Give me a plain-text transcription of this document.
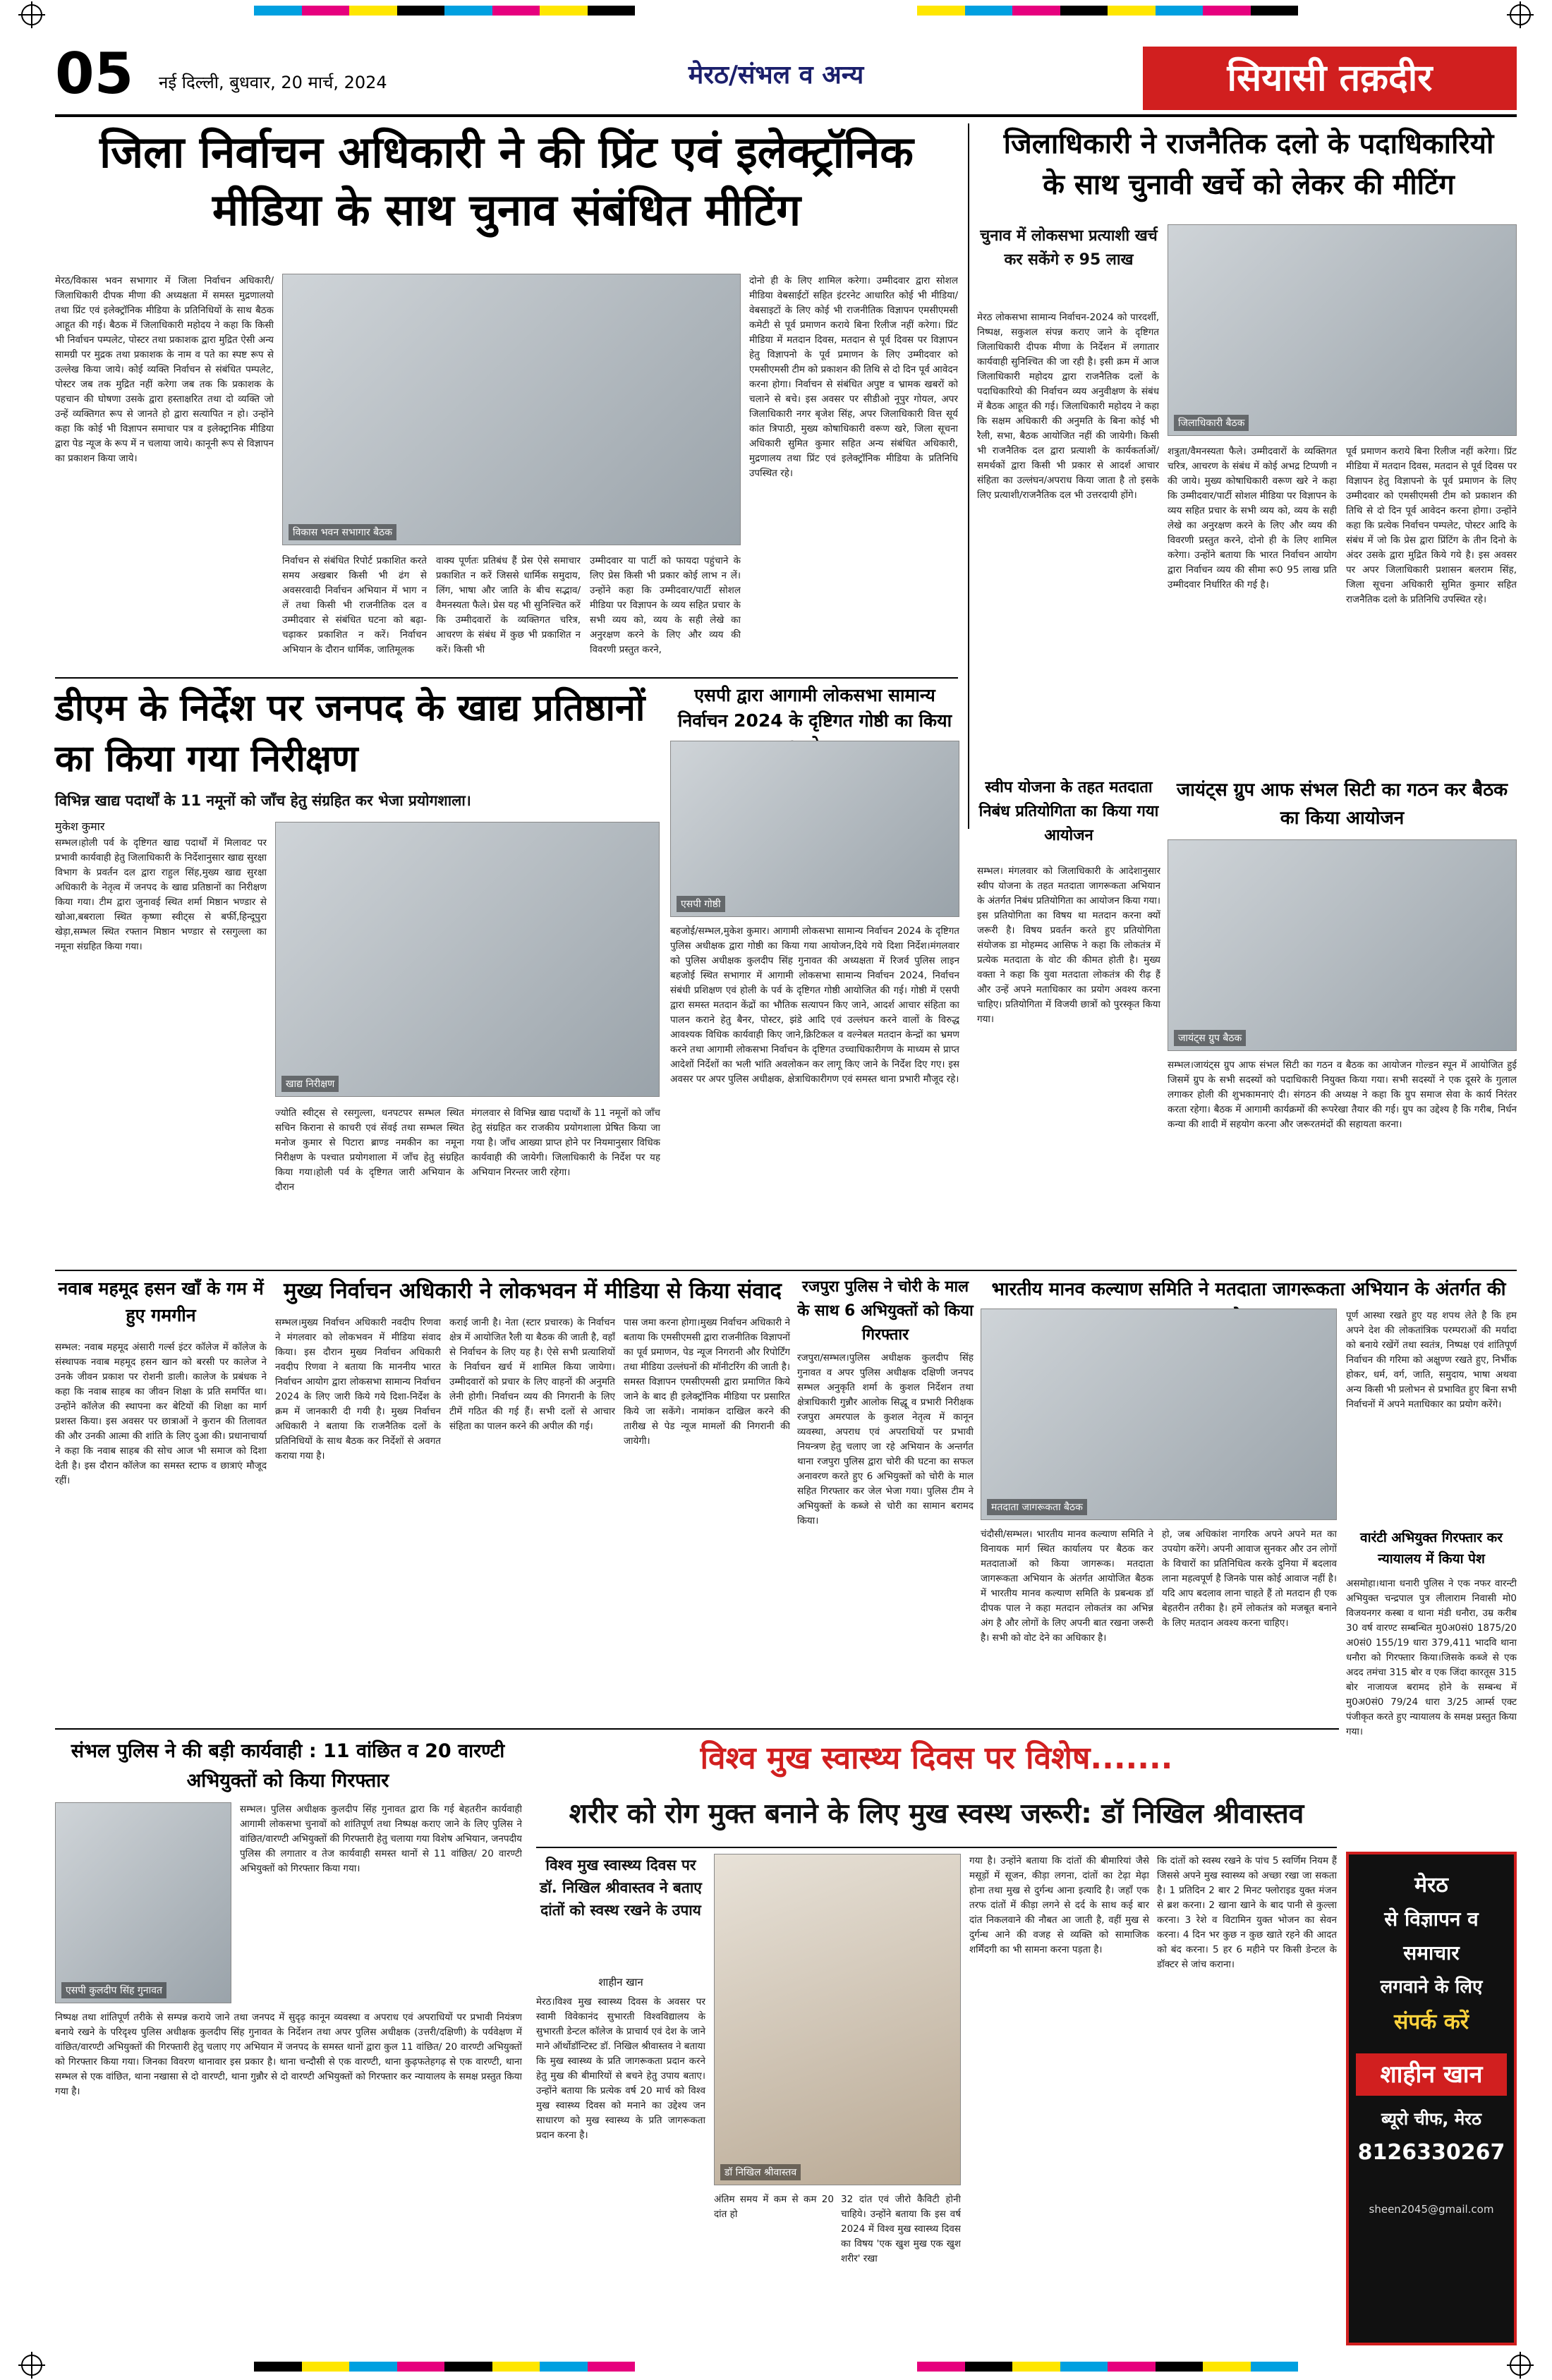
05 नई दिल्ली, बुधवार, 20 मार्च, 2024	मेरठ/संभल व अन्य	सियासी तक़दीर
जिला निर्वाचन अधिकारी ने की प्रिंट एवं इलेक्ट्रॉनिक
मीडिया के साथ चुनाव संबंधित मीटिंग
मेरठ/विकास भवन सभागार में जिला निर्वाचन अधिकारी/जिलाधिकारी दीपक मीणा की अध्यक्षता में समस्त मुद्रणालयो तथा प्रिंट एवं इलेक्ट्रॉनिक मीडिया के प्रतिनिधियों के साथ बैठक आहूत की गई। बैठक में जिलाधिकारी महोदय ने कहा कि किसी भी निर्वाचन पम्पलेट, पोस्टर तथा प्रकाशक द्वारा मुद्रित ऐसी अन्य सामग्री पर मुद्रक तथा प्रकाशक के नाम व पते का स्पष्ट रूप से उल्लेख किया जाये। कोई व्यक्ति निर्वाचन से संबंधित पम्पलेट, पोस्टर जब तक मुद्रित नहीं करेगा जब तक कि प्रकाशक के पहचान की घोषणा उसके द्वारा हस्ताक्षरित तथा दो व्यक्ति जो उन्हें व्यक्तिगत रूप से जानते हो द्वारा सत्यापित न हो। उन्होंने कहा कि कोई भी विज्ञापन समाचार पत्र व इलेक्ट्रानिक मीडिया द्वारा पेड न्यूज के रूप में न चलाया जाये। कानूनी रूप से विज्ञापन का प्रकाशन किया जाये।
विकास भवन सभागार बैठक
निर्वाचन से संबंधित रिपोर्ट प्रकाशित करते समय अखबार किसी भी ढंग से अवसरवादी निर्वाचन अभियान में भाग न लें तथा किसी भी राजनीतिक दल व उम्मीदवार से संबंधित घटना को बढ़ा-चढ़ाकर प्रकाशित न करें। निर्वाचन अभियान के दौरान धार्मिक, जातिमूलक
वाक्य पूर्णतः प्रतिबंध हैं प्रेस ऐसे समाचार प्रकाशित न करें जिससे धार्मिक समुदाय, लिंग, भाषा और जाति के बीच सद्भाव/वैमनस्यता फैले। प्रेस यह भी सुनिश्चित करें कि उम्मीदवारों के व्यक्तिगत चरित्र, आचरण के संबंध में कुछ भी प्रकाशित न करें। किसी भी
उम्मीदवार या पार्टी को फायदा पहुंचाने के लिए प्रेस किसी भी प्रकार कोई लाभ न लें। उन्होंने कहा कि उम्मीदवार/पार्टी सोशल मीडिया पर विज्ञापन के व्यय सहित प्रचार के सभी व्यय को, व्यय के सही लेखे का अनुरक्षण करने के लिए और व्यय की विवरणी प्रस्तुत करने,
दोनो ही के लिए शामिल करेगा। उम्मीदवार द्वारा सोशल मीडिया वेबसाईटों सहित इंटरनेट आधारित कोई भी मीडिया/वेबसाइटों के लिए कोई भी राजनीतिक विज्ञापन एमसीएमसी कमेटी से पूर्व प्रमाणन कराये बिना रिलीज नहीं करेगा। प्रिंट मीडिया में मतदान दिवस, मतदान से पूर्व दिवस पर विज्ञापन हेतु विज्ञापनो के पूर्व प्रमाणन के लिए उम्मीदवार को एमसीएमसी टीम को प्रकाशन की तिथि से दो दिन पूर्व आवेदन करना होगा। निर्वाचन से संबंधित अपुष्ट व भ्रामक खबरों को चलाने से बचे। इस अवसर पर सीडीओ नूपुर गोयल, अपर जिलाधिकारी नगर बृजेश सिंह, अपर जिलाधिकारी वित्त सूर्य कांत त्रिपाठी, मुख्य कोषाधिकारी वरूण खरे, जिला सूचना अधिकारी सुमित कुमार सहित अन्य संबंधित अधिकारी, मुद्रणालय तथा प्रिंट एवं इलेक्ट्रॉनिक मीडिया के प्रतिनिधि उपस्थित रहे।
जिलाधिकारी ने राजनैतिक दलो के पदाधिकारियो
के साथ चुनावी खर्चे को लेकर की मीटिंग
चुनाव में लोकसभा प्रत्याशी खर्च कर सकेंगे रु 95 लाख
मेरठ लोकसभा सामान्य निर्वाचन-2024 को पारदर्शी, निष्पक्ष, सकुशल संपन्न कराए जाने के दृष्टिगत जिलाधिकारी दीपक मीणा के निर्देशन में लगातार कार्यवाही सुनिश्चित की जा रही है। इसी क्रम में आज जिलाधिकारी महोदय द्वारा राजनैतिक दलों के पदाधिकारियो की निर्वाचन व्यय अनुवीक्षण के संबंध में बैठक आहूत की गई। जिलाधिकारी महोदय ने कहा कि सक्षम अधिकारी की अनुमति के बिना कोई भी रैली, सभा, बैठक आयोजित नहीं की जायेगी। किसी भी राजनैतिक दल द्वारा प्रत्याशी के कार्यकर्ताओं/समर्थकों द्वारा किसी भी प्रकार से आदर्श आचार संहिता का उल्लंघन/अपराध किया जाता है तो इसके लिए प्रत्याशी/राजनैतिक दल भी उत्तरदायी होंगे।
जिलाधिकारी बैठक
शत्रुता/वैमनस्यता फैले। उम्मीदवारों के व्यक्तिगत चरित्र, आचरण के संबंध में कोई अभद्र टिप्पणी न की जाये। मुख्य कोषाधिकारी वरूण खरे ने कहा कि उम्मीदवार/पार्टी सोशल मीडिया पर विज्ञापन के व्यय सहित प्रचार के सभी व्यय को, व्यय के सही लेखे का अनुरक्षण करने के लिए और व्यय की विवरणी प्रस्तुत करने, दोनो ही के लिए शामिल करेगा। उन्होंने बताया कि भारत निर्वाचन आयोग द्वारा निर्वाचन व्यय की सीमा रू0 95 लाख प्रति उम्मीदवार निर्धारित की गई है।
पूर्व प्रमाणन कराये बिना रिलीज नहीं करेगा। प्रिंट मीडिया में मतदान दिवस, मतदान से पूर्व दिवस पर विज्ञापन हेतु विज्ञापनो के पूर्व प्रमाणन के लिए उम्मीदवार को एमसीएमसी टीम को प्रकाशन की तिथि से दो दिन पूर्व आवेदन करना होगा। उन्होंने कहा कि प्रत्येक निर्वाचन पम्पलेट, पोस्टर आदि के संबंध में जो कि प्रेस द्वारा प्रिंटिंग के तीन दिनो के अंदर उसके द्वारा मुद्रित किये गये है। इस अवसर पर अपर जिलाधिकारी प्रशासन बलराम सिंह, जिला सूचना अधिकारी सुमित कुमार सहित राजनैतिक दलो के प्रतिनिधि उपस्थित रहे।
डीएम के निर्देश पर जनपद के खाद्य प्रतिष्ठानों का किया गया निरीक्षण
विभिन्न खाद्य पदार्थों के 11 नमूनों को जाँच हेतु संग्रहित कर भेजा प्रयोगशाला।
मुकेश कुमार
सम्भल।होली पर्व के दृष्टिगत खाद्य पदार्थों में मिलावट पर प्रभावी कार्यवाही हेतु जिलाधिकारी के निर्देशानुसार खाद्य सुरक्षा विभाग के प्रवर्तन दल द्वारा राहुल सिंह,मुख्य खाद्य सुरक्षा अधिकारी के नेतृत्व में जनपद के खाद्य प्रतिष्ठानों का निरीक्षण किया गया। टीम द्वारा जुनावई स्थित शर्मा मिष्ठान भण्डार से खोआ,बबराला स्थित कृष्णा स्वीट्स से बर्फी,हिन्दूपुरा खेड़ा,सम्भल स्थित रफ्तान मिष्ठान भण्डार से रसगुल्ला का नमूना संग्रहित किया गया।
खाद्य निरीक्षण
ज्योति स्वीट्स से रसगुल्ला, धनपटपर सम्भल स्थित सचिन किराना से काचरी एवं सेंवई तथा सम्भल स्थित मनोज कुमार से पिटारा ब्राण्ड नमकीन का नमूना निरीक्षण के पश्चात प्रयोगशाला में जाँच हेतु संग्रहित किया गया।होली पर्व के दृष्टिगत जारी अभियान के दौरान
मंगलवार से विभिन्न खाद्य पदार्थों के 11 नमूनों को जाँच हेतु संग्रहित कर राजकीय प्रयोगशाला प्रेषित किया जा गया है। जाँच आख्या प्राप्त होने पर नियमानुसार विधिक कार्यवाही की जायेगी। जिलाधिकारी के निर्देश पर यह अभियान निरन्तर जारी रहेगा।
एसपी द्वारा आगामी लोकसभा सामान्य निर्वाचन 2024 के दृष्टिगत गोष्ठी का किया
एसपी गोष्ठी
बहजोई/सम्भल,मुकेश कुमार। आगामी लोकसभा सामान्य निर्वाचन 2024 के दृष्टिगत पुलिस अधीक्षक द्वारा गोष्ठी का किया गया आयोजन,दिये गये दिशा निर्देश।मंगलवार को पुलिस अधीक्षक कुलदीप सिंह गुनावत की अध्यक्षता में रिजर्व पुलिस लाइन बहजोई स्थित सभागार में आगामी लोकसभा सामान्य निर्वाचन 2024, निर्वाचन संबंधी प्रशिक्षण एवं होली के पर्व के दृष्टिगत गोष्ठी आयोजित की गई। गोष्ठी में एसपी द्वारा समस्त मतदान केंद्रों का भौतिक सत्यापन किए जाने, आदर्श आचार संहिता का पालन कराने हेतु बैनर, पोस्टर, झंडे आदि एवं उल्लंघन करने वालों के विरुद्ध आवश्यक विधिक कार्यवाही किए जाने,क्रिटिकल व वल्नेबल मतदान केन्द्रों का भ्रमण करने तथा आगामी लोकसभा निर्वाचन के दृष्टिगत उच्चाधिकारीगण के माध्यम से प्राप्त आदेशों निर्देशों का भली भांति अवलोकन कर लागू किए जाने के निर्देश दिए गए। इस अवसर पर अपर पुलिस अधीक्षक, क्षेत्राधिकारीगण एवं समस्त थाना प्रभारी मौजूद रहे।
स्वीप योजना के तहत मतदाता निबंध प्रतियोगिता का किया गया आयोजन
सम्भल। मंगलवार को जिलाधिकारी के आदेशानुसार स्वीप योजना के तहत मतदाता जागरूकता अभियान के अंतर्गत निबंध प्रतियोगिता का आयोजन किया गया। इस प्रतियोगिता का विषय था मतदान करना क्यों जरूरी है। विषय प्रवर्तन करते हुए प्रतियोगिता संयोजक डा मोहम्मद आसिफ ने कहा कि लोकतंत्र में प्रत्येक मतदाता के वोट की कीमत होती है। मुख्य वक्ता ने कहा कि युवा मतदाता लोकतंत्र की रीढ़ हैं और उन्हें अपने मताधिकार का प्रयोग अवश्य करना चाहिए। प्रतियोगिता में विजयी छात्रों को पुरस्कृत किया गया।
जायंट्स ग्रुप आफ संभल सिटी का गठन कर बैठक का किया आयोजन
जायंट्स ग्रुप बैठक
सम्भल।जायंट्स ग्रुप आफ संभल सिटी का गठन व बैठक का आयोजन गोल्डन स्पून में आयोजित हुई जिसमें ग्रुप के सभी सदस्यों को पदाधिकारी नियुक्त किया गया। सभी सदस्यों ने एक दूसरे के गुलाल लगाकर होली की शुभकामनाएं दी। संगठन की अध्यक्ष ने कहा कि ग्रुप समाज सेवा के कार्य निरंतर करता रहेगा। बैठक में आगामी कार्यक्रमों की रूपरेखा तैयार की गई। ग्रुप का उद्देश्य है कि गरीब, निर्धन कन्या की शादी में सहयोग करना और जरूरतमंदों की सहायता करना।
नवाब महमूद हसन खाँ के गम में हुए गमगीन
सम्भल: नवाब महमूद अंसारी गर्ल्स इंटर कॉलेज में कॉलेज के संस्थापक नवाब महमूद हसन खान को बरसी पर कालेज ने उनके जीवन प्रकाश पर रोशनी डाली। कालेज के प्रबंधक ने कहा कि नवाब साहब का जीवन शिक्षा के प्रति समर्पित था। उन्होंने कॉलेज की स्थापना कर बेटियों की शिक्षा का मार्ग प्रशस्त किया। इस अवसर पर छात्राओं ने कुरान की तिलावत की और उनकी आत्मा की शांति के लिए दुआ की। प्रधानाचार्या ने कहा कि नवाब साहब की सोच आज भी समाज को दिशा देती है। इस दौरान कॉलेज का समस्त स्टाफ व छात्राएं मौजूद रहीं।
मुख्य निर्वाचन अधिकारी ने लोकभवन में मीडिया से किया संवाद
सम्भल।मुख्य निर्वाचन अधिकारी नवदीप रिणवा ने मंगलवार को लोकभवन में मीडिया संवाद किया। इस दौरान मुख्य निर्वाचन अधिकारी नवदीप रिणवा ने बताया कि माननीय भारत निर्वाचन आयोग द्वारा लोकसभा सामान्य निर्वाचन 2024 के लिए जारी किये गये दिशा-निर्देश के क्रम में जानकारी दी गयी है। मुख्य निर्वाचन अधिकारी ने बताया कि राजनैतिक दलों के प्रतिनिधियों के साथ बैठक कर निर्देशों से अवगत कराया गया है।
कराई जानी है। नेता (स्टार प्रचारक) के निर्वाचन क्षेत्र में आयोजित रैली या बैठक की जाती है, वहाँ से निर्वाचन के लिए यह है। ऐसे सभी प्रत्याशियों के निर्वाचन खर्च में शामिल किया जायेगा। उम्मीदवारों को प्रचार के लिए वाहनों की अनुमति लेनी होगी। निर्वाचन व्यय की निगरानी के लिए टीमें गठित की गई हैं। सभी दलों से आचार संहिता का पालन करने की अपील की गई।
पास जमा करना होगा।मुख्य निर्वाचन अधिकारी ने बताया कि एमसीएमसी द्वारा राजनीतिक विज्ञापनों का पूर्व प्रमाणन, पेड न्यूज निगरानी और रिपोर्टिंग तथा मीडिया उल्लंघनों की मॉनीटरिंग की जाती है। समस्त विज्ञापन एमसीएमसी द्वारा प्रमाणित किये जाने के बाद ही इलेक्ट्रॉनिक मीडिया पर प्रसारित किये जा सकेंगे। नामांकन दाखिल करने की तारीख से पेड न्यूज मामलों की निगरानी की जायेगी।
रजपुरा पुलिस ने चोरी के माल के साथ 6 अभियुक्तों को किया गिरफ्तार
रजपुरा/सम्भल।पुलिस अधीक्षक कुलदीप सिंह गुनावत व अपर पुलिस अधीक्षक दक्षिणी जनपद सम्भल अनुकृति शर्मा के कुशल निर्देशन तथा क्षेत्राधिकारी गुन्नौर आलोक सिद्धू व प्रभारी निरीक्षक रजपुरा अमरपाल के कुशल नेतृत्व में कानून व्यवस्था, अपराध एवं अपराधियों पर प्रभावी नियन्त्रण हेतु चलाए जा रहे अभियान के अन्तर्गत थाना रजपुरा पुलिस द्वारा चोरी की घटना का सफल अनावरण करते हुए 6 अभियुक्तों को चोरी के माल सहित गिरफ्तार कर जेल भेजा गया। पुलिस टीम ने अभियुक्तों के कब्जे से चोरी का सामान बरामद किया।
भारतीय मानव कल्याण समिति ने मतदाता जागरूकता अभियान के अंतर्गत की
मतदाता जागरूकता बैठक
चंदौसी/सम्भल। भारतीय मानव कल्याण समिति ने विनायक मार्ग स्थित कार्यालय पर बैठक कर मतदाताओं को किया जागरूक। मतदाता जागरूकता अभियान के अंतर्गत आयोजित बैठक में भारतीय मानव कल्याण समिति के प्रबन्धक डॉ दीपक पाल ने कहा मतदान लोकतंत्र का अभिन्न अंग है और लोगों के लिए अपनी बात रखना जरूरी है। सभी को वोट देने का अधिकार है।
हो, जब अधिकांश नागरिक अपने अपने मत का उपयोग करेंगे। अपनी आवाज सुनकर और उन लोगों के विचारों का प्रतिनिधित्व करके दुनिया में बदलाव लाना महत्वपूर्ण है जिनके पास कोई आवाज नहीं है। यदि आप बदलाव लाना चाहते हैं तो मतदान ही एक बेहतरीन तरीका है। हमें लोकतंत्र को मजबूत बनाने के लिए मतदान अवश्य करना चाहिए।
पूर्ण आस्था रखते हुए यह शपथ लेते है कि हम अपने देश की लोकतांत्रिक परम्पराओं की मर्यादा को बनाये रखेंगें तथा स्वतंत्र, निष्पक्ष एवं शांतिपूर्ण निर्वाचन की गरिमा को अक्षुण्ण रखते हुए, निर्भीक होकर, धर्म, वर्ग, जाति, समुदाय, भाषा अथवा अन्य किसी भी प्रलोभन से प्रभावित हुए बिना सभी निर्वाचनों में अपने मताधिकार का प्रयोग करेंगे।
वारंटी अभियुक्त गिरफ्तार कर न्यायालय में किया पेश
असमोहा।थाना धनारी पुलिस ने एक नफर वारन्टी अभियुक्त चन्द्रपाल पुत्र लीलाराम निवासी मो0 विजयनगर कस्बा व थाना मंडी धनौरा, उम्र करीब 30 वर्ष वारण्ट सम्बन्धित मु0अ0सं0 1875/20 अ0सं0 155/19 धारा 379,411 भादवि थाना धनौरा को गिरफ्तार किया।जिसके कब्जे से एक अदद तमंचा 315 बोर व एक जिंदा कारतूस 315 बोर नाजायज बरामद होने के सम्बन्ध में मु0अ0सं0 79/24 धारा 3/25 आर्म्स एक्ट पंजीकृत करते हुए न्यायालय के समक्ष प्रस्तुत किया गया।
विश्व मुख स्वास्थ्य दिवस पर विशेष.......
संभल पुलिस ने की बड़ी कार्यवाही : 11 वांछित व 20 वारण्टी अभियुक्तों को किया गिरफ्तार
एसपी कुलदीप सिंह गुनावत
सम्भल। पुलिस अधीक्षक कुलदीप सिंह गुनावत द्वारा कि गई बेहतरीन कार्यवाही आगामी लोकसभा चुनावों को शांतिपूर्ण तथा निष्पक्ष कराए जाने के लिए पुलिस ने वांछित/वारण्टी अभियुक्तों की गिरफ्तारी हेतु चलाया गया विशेष अभियान, जनपदीय पुलिस की लगातार व तेज कार्यवाही समस्त थानों से 11 वांछित/ 20 वारण्टी अभियुक्तों को गिरफ्तार किया गया।
निष्पक्ष तथा शांतिपूर्ण तरीके से सम्पन्न कराये जाने तथा जनपद में सुदृढ़ कानून व्यवस्था व अपराध एवं अपराधियों पर प्रभावी नियंत्रण बनाये रखने के परिदृश्य पुलिस अधीक्षक कुलदीप सिंह गुनावत के निर्देशन तथा अपर पुलिस अधीक्षक (उत्तरी/दक्षिणी) के पर्यवेक्षण में वांछित/वारण्टी अभियुक्तों की गिरफ्तारी हेतु चलाए गए अभियान में जनपद के समस्त थानों द्वारा कुल 11 वांछित/ 20 वारण्टी अभियुक्तों को गिरफ्तार किया गया। जिनका विवरण थानावार इस प्रकार है। थाना चन्दौसी से एक वारण्टी, थाना कुढ़फतेहगढ़ से एक वारण्टी, थाना सम्भल से एक वांछित, थाना नखासा से दो वारण्टी, थाना गुन्नौर से दो वारण्टी अभियुक्तों को गिरफ्तार कर न्यायालय के समक्ष प्रस्तुत किया गया है।
शरीर को रोग मुक्त बनाने के लिए मुख स्वस्थ जरूरी: डॉ निखिल श्रीवास्तव
विश्व मुख स्वास्थ्य दिवस पर डॉ. निखिल श्रीवास्तव ने बताए दांतों को स्वस्थ रखने के उपाय
शाहीन खान
मेरठ।विश्व मुख स्वास्थ्य दिवस के अवसर पर स्वामी विवेकानंद सुभारती विश्वविद्यालय के सुभारती डेन्टल कॉलेज के प्राचार्य एवं देश के जाने माने ऑर्थोडॉन्टिस्ट डॉ. निखिल श्रीवास्तव ने बताया कि मुख स्वास्थ्य के प्रति जागरूकता प्रदान करने हेतु मुख की बीमारियों से बचने हेतु उपाय बताए। उन्होंने बताया कि प्रत्येक वर्ष 20 मार्च को विश्व मुख स्वास्थ्य दिवस को मनाने का उद्देश्य जन साधारण को मुख स्वास्थ्य के प्रति जागरूकता प्रदान करना है।
डॉ निखिल श्रीवास्तव
अंतिम समय में कम से कम 20 दांत हो
32 दांत एवं जीरो कैविटी होनी चाहिये। उन्होंने बताया कि इस वर्ष 2024 में विश्व मुख स्वास्थ्य दिवस का विषय 'एक खुश मुख एक खुश शरीर' रखा
गया है। उन्होंने बताया कि दांतों की बीमारियां जैसे मसूड़ों में सूजन, कीड़ा लगना, दांतों का टेढ़ा मेढ़ा होना तथा मुख से दुर्गन्ध आना इत्यादि है। जहाँ एक तरफ दांतों में कीड़ा लगने से दर्द के साथ कई बार दांत निकलवाने की नौबत आ जाती है, वहीं मुख से दुर्गन्ध आने की वजह से व्यक्ति को सामाजिक शर्मिंदगी का भी सामना करना पड़ता है।
कि दांतों को स्वस्थ रखने के पांच 5 स्वर्णिम नियम हैं जिससे अपने मुख स्वास्थ्य को अच्छा रखा जा सकता है। 1 प्रतिदिन 2 बार 2 मिनट फ्लोराइड युक्त मंजन से ब्रश करना। 2 खाना खाने के बाद पानी से कुल्ला करना। 3 रेशे व विटामिन युक्त भोजन का सेवन करना। 4 दिन भर कुछ न कुछ खाते रहने की आदत को बंद करना। 5 हर 6 महीने पर किसी डेन्टल के डॉक्टर से जांच कराना।
मेरठ
से विज्ञापन व
समाचार
लगवाने के लिए
संपर्क करें
शाहीन खान
ब्यूरो चीफ, मेरठ
8126330267
sheen2045@gmail.com
